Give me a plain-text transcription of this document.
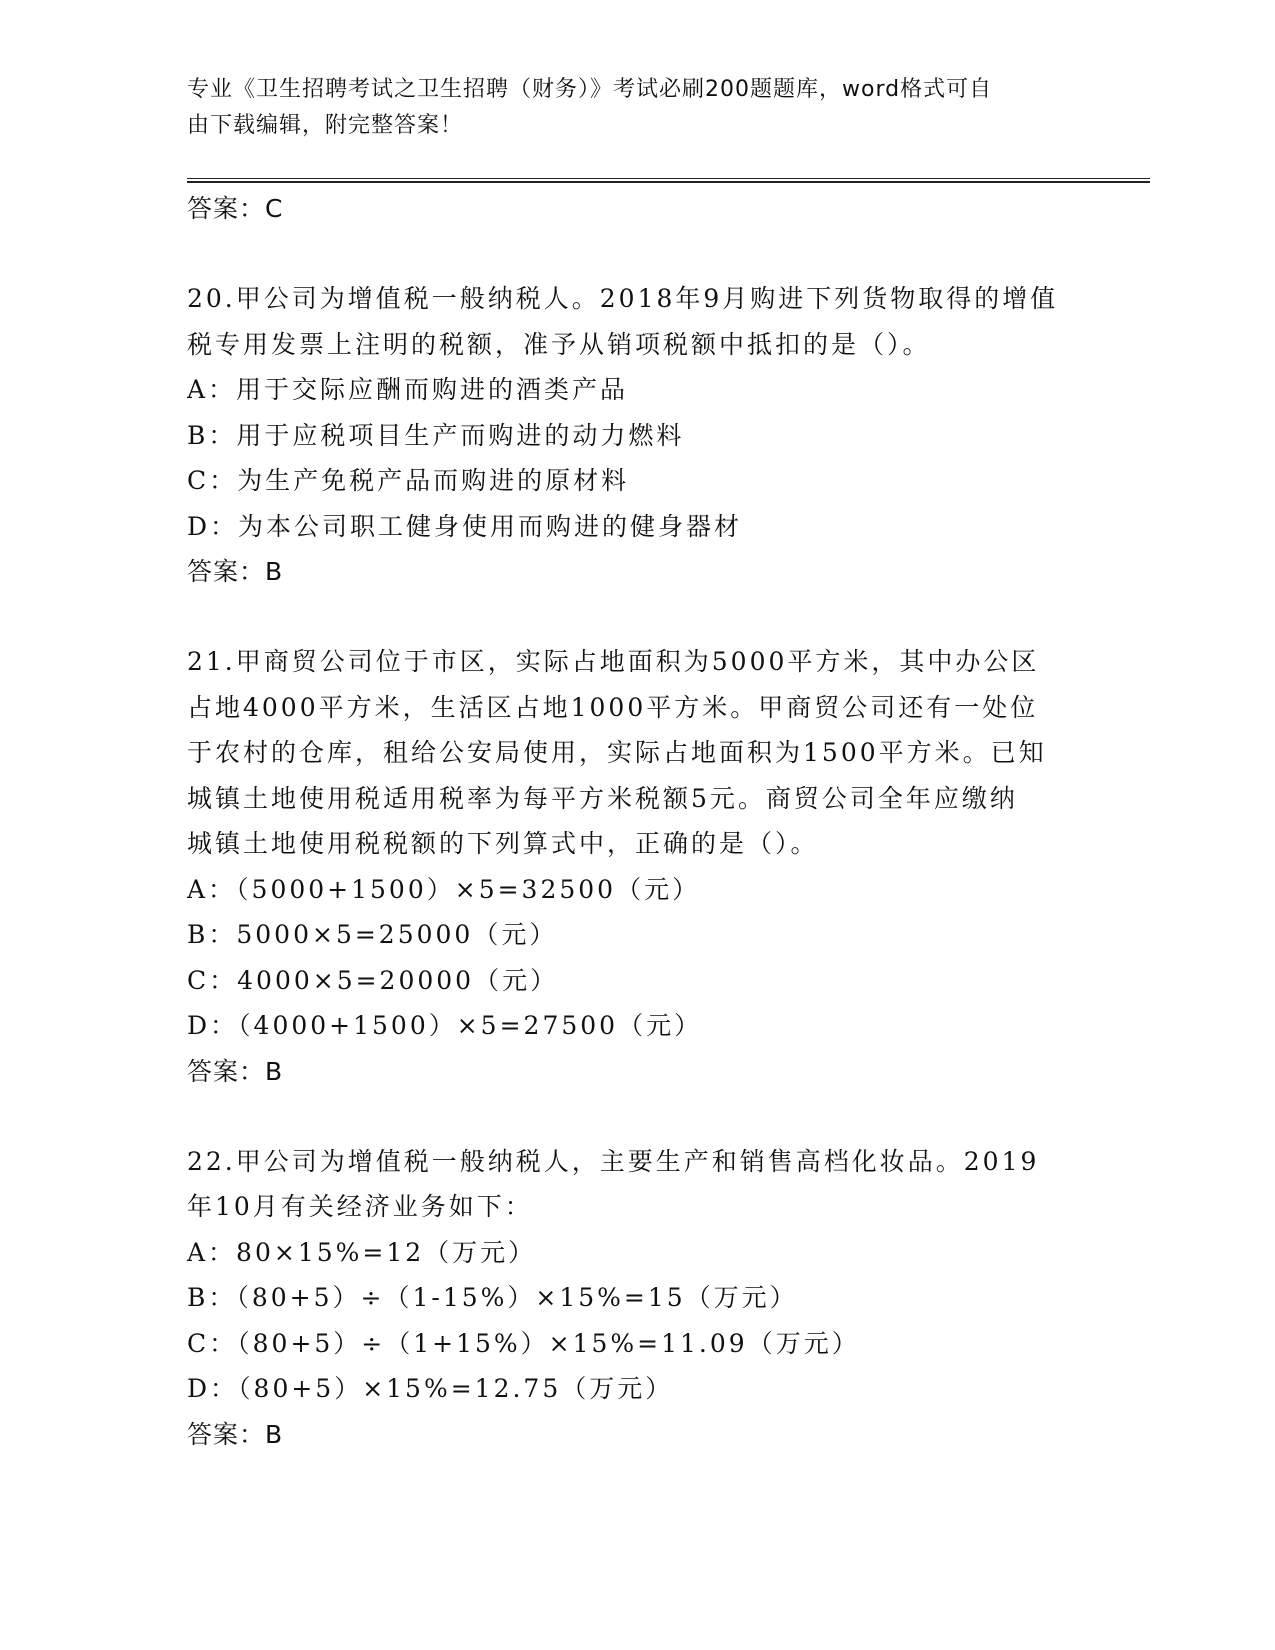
专业《卫生招聘考试之卫生招聘（财务）》考试必刷200题题库，word格式可自
由下载编辑，附完整答案！
答案：C
20.甲公司为增值税一般纳税人。2018年9月购进下列货物取得的增值
税专用发票上注明的税额，准予从销项税额中抵扣的是（）。
A：用于交际应酬而购进的酒类产品
B：用于应税项目生产而购进的动力燃料
C：为生产免税产品而购进的原材料
D：为本公司职工健身使用而购进的健身器材
答案：B
21.甲商贸公司位于市区，实际占地面积为5000平方米，其中办公区
占地4000平方米，生活区占地1000平方米。甲商贸公司还有一处位
于农村的仓库，租给公安局使用，实际占地面积为1500平方米。已知
城镇土地使用税适用税率为每平方米税额5元。商贸公司全年应缴纳
城镇土地使用税税额的下列算式中，正确的是（）。
A：（5000+1500）×5=32500（元）
B：5000×5=25000（元）
C：4000×5=20000（元）
D：（4000+1500）×5=27500（元）
答案：B
22.甲公司为增值税一般纳税人，主要生产和销售高档化妆品。2019
年10月有关经济业务如下：
A：80×15%=12（万元）
B：（80+5）÷（1-15%）×15%=15（万元）
C：（80+5）÷（1+15%）×15%=11.09（万元）
D：（80+5）×15%=12.75（万元）
答案：B
